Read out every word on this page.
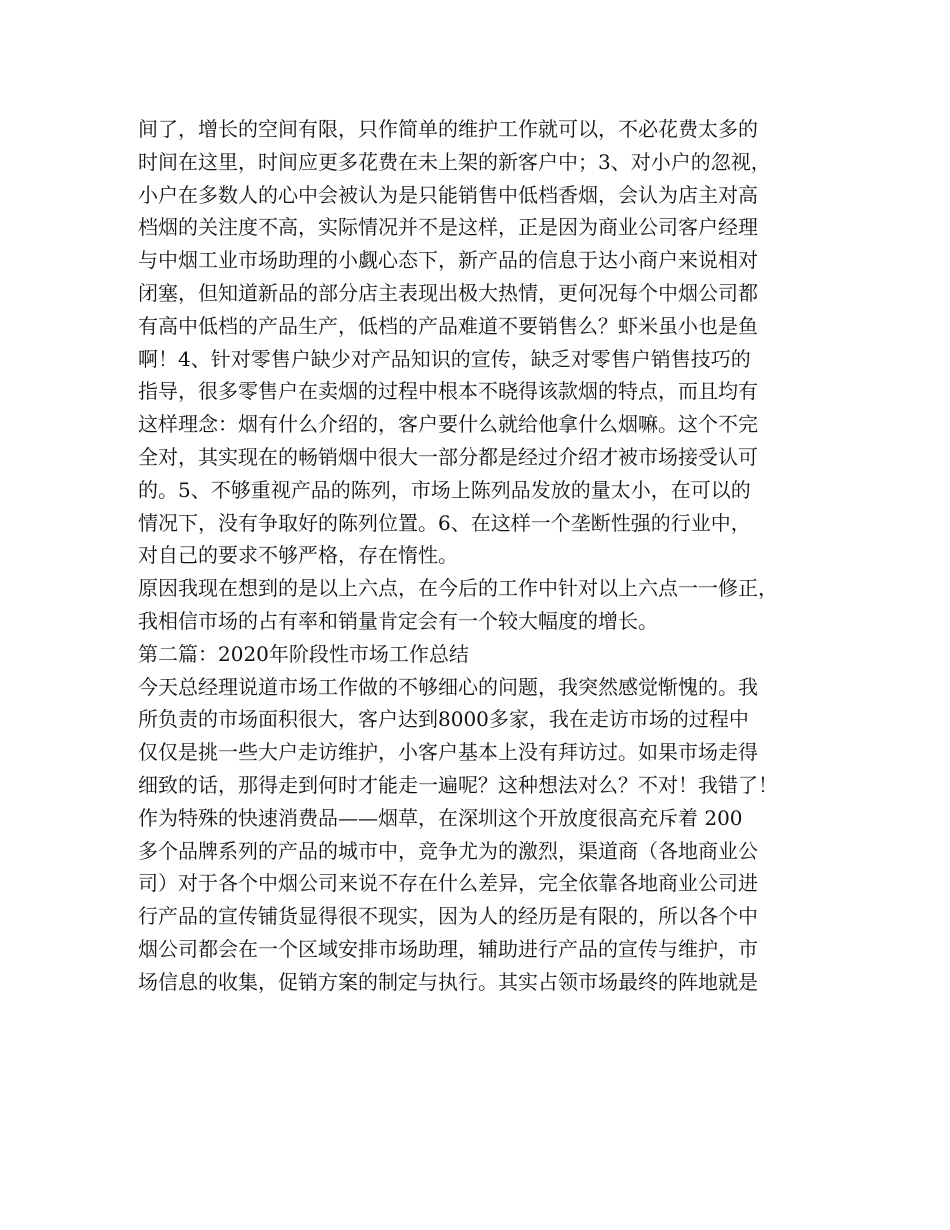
间了，增长的空间有限，只作简单的维护工作就可以，不必花费太多的
时间在这里，时间应更多花费在未上架的新客户中；3、对小户的忽视，
小户在多数人的心中会被认为是只能销售中低档香烟，会认为店主对高
档烟的关注度不高，实际情况并不是这样，正是因为商业公司客户经理
与中烟工业市场助理的小觑心态下，新产品的信息于达小商户来说相对
闭塞，但知道新品的部分店主表现出极大热情，更何况每个中烟公司都
有高中低档的产品生产，低档的产品难道不要销售么？虾米虽小也是鱼
啊！4、针对零售户缺少对产品知识的宣传，缺乏对零售户销售技巧的
指导，很多零售户在卖烟的过程中根本不晓得该款烟的特点，而且均有
这样理念：烟有什么介绍的，客户要什么就给他拿什么烟嘛。这个不完
全对，其实现在的畅销烟中很大一部分都是经过介绍才被市场接受认可
的。5、不够重视产品的陈列，市场上陈列品发放的量太小，在可以的
情况下，没有争取好的陈列位置。6、在这样一个垄断性强的行业中，
对自己的要求不够严格，存在惰性。
原因我现在想到的是以上六点，在今后的工作中针对以上六点一一修正，
我相信市场的占有率和销量肯定会有一个较大幅度的增长。
第二篇：2020年阶段性市场工作总结
今天总经理说道市场工作做的不够细心的问题，我突然感觉惭愧的。我
所负责的市场面积很大，客户达到8000多家，我在走访市场的过程中
仅仅是挑一些大户走访维护，小客户基本上没有拜访过。如果市场走得
细致的话，那得走到何时才能走一遍呢？这种想法对么？不对！我错了！
作为特殊的快速消费品——烟草，在深圳这个开放度很高充斥着 200
多个品牌系列的产品的城市中，竞争尤为的激烈，渠道商（各地商业公
司）对于各个中烟公司来说不存在什么差异，完全依靠各地商业公司进
行产品的宣传铺货显得很不现实，因为人的经历是有限的，所以各个中
烟公司都会在一个区域安排市场助理，辅助进行产品的宣传与维护，市
场信息的收集，促销方案的制定与执行。其实占领市场最终的阵地就是
